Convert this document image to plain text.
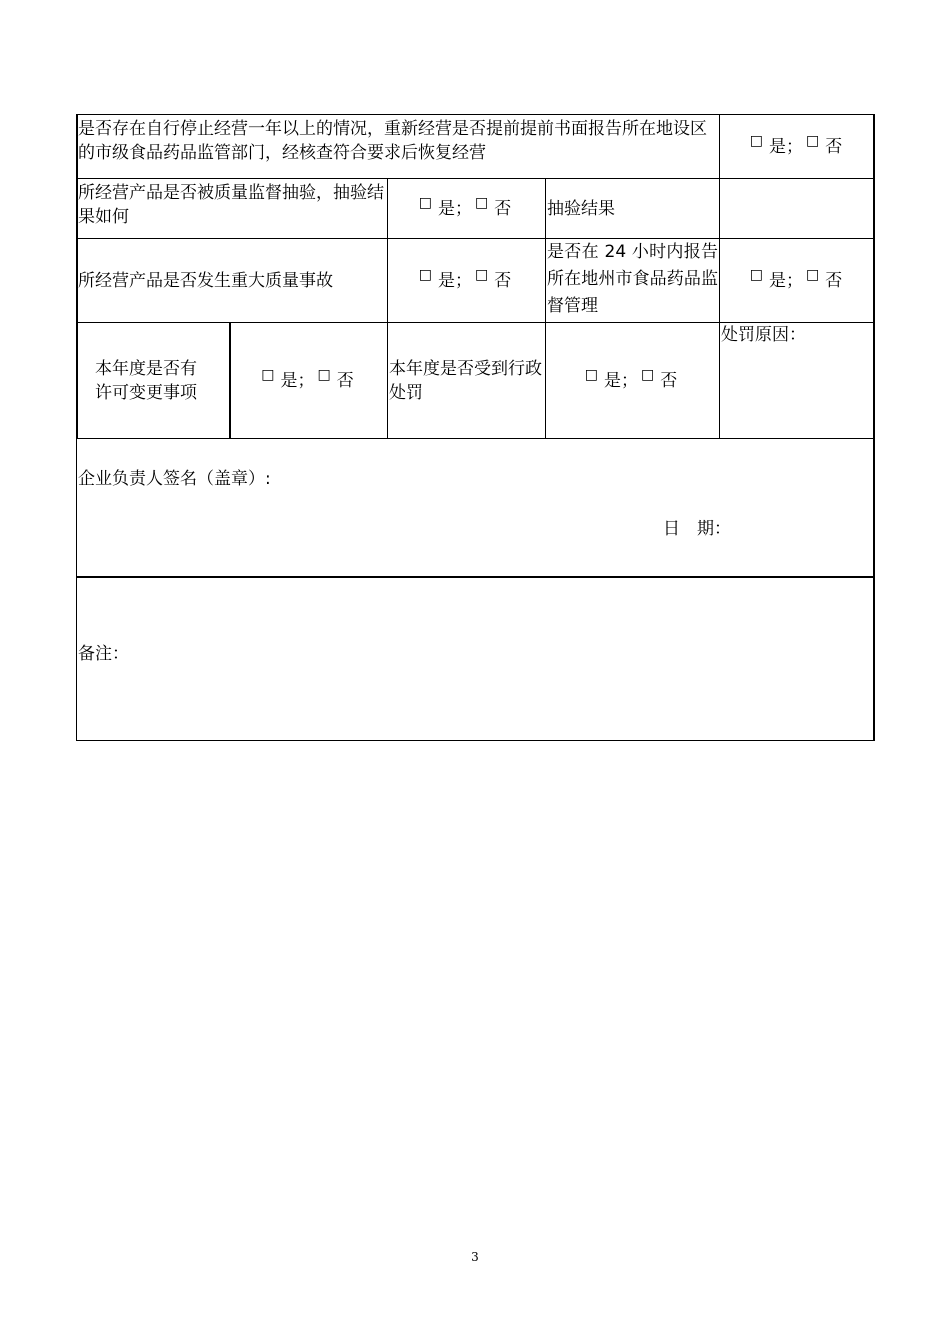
是否存在自行停止经营一年以上的情况，重新经营是否提前提前书面报告所在地设区的市级食品药品监管部门，经核查符合要求后恢复经营
□ 是； □ 否
所经营产品是否被质量监督抽验，抽验结果如何
□ 是； □ 否 抽验结果
所经营产品是否发生重大质量事故	□ 是； □ 否
是否在 24 小时内报告所在地州市食品药品监督管理
□ 是； □ 否
本年度是否有许可变更事项
□ 是； □ 否
本年度是否受到行政处罚
□ 是； □ 否
处罚原因：
企业负责人签名（盖章）:
日　期：
备注：
3
